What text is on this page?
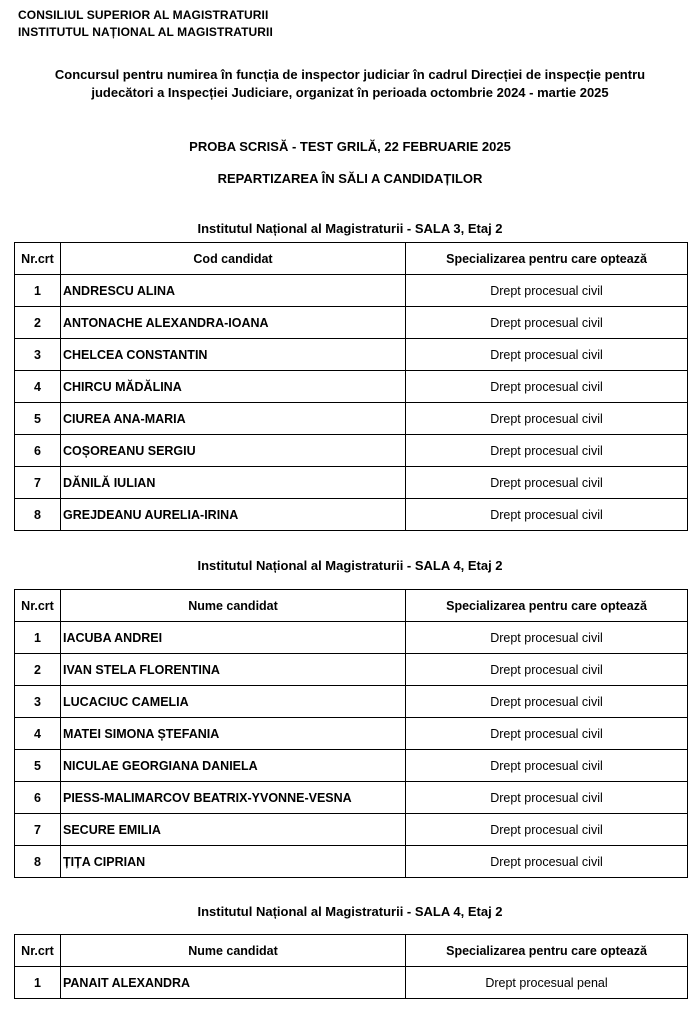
CONSILIUL SUPERIOR AL MAGISTRATURII
INSTITUTUL NAȚIONAL AL MAGISTRATURII
Concursul pentru numirea în funcția de inspector judiciar în cadrul Direcției de inspecție pentru
judecători a Inspecției Judiciare, organizat în perioada octombrie 2024 - martie 2025
PROBA SCRISĂ - TEST GRILĂ, 22 FEBRUARIE 2025
REPARTIZAREA ÎN SĂLI A CANDIDAȚILOR
Institutul Național al Magistraturii - SALA 3, Etaj 2
Nr.crt	Cod candidat	Specializarea pentru care optează
1	ANDRESCU ALINA	Drept procesual civil
2	ANTONACHE ALEXANDRA-IOANA	Drept procesual civil
3	CHELCEA CONSTANTIN	Drept procesual civil
4	CHIRCU MĂDĂLINA	Drept procesual civil
5	CIUREA ANA-MARIA	Drept procesual civil
6	COȘOREANU SERGIU	Drept procesual civil
7	DĂNILĂ IULIAN	Drept procesual civil
8	GREJDEANU AURELIA-IRINA	Drept procesual civil
Institutul Național al Magistraturii - SALA 4, Etaj 2
Nr.crt	Nume candidat	Specializarea pentru care optează
1	IACUBA ANDREI	Drept procesual civil
2	IVAN STELA FLORENTINA	Drept procesual civil
3	LUCACIUC CAMELIA	Drept procesual civil
4	MATEI SIMONA ȘTEFANIA	Drept procesual civil
5	NICULAE GEORGIANA DANIELA	Drept procesual civil
6	PIESS-MALIMARCOV BEATRIX-YVONNE-VESNA	Drept procesual civil
7	SECURE EMILIA	Drept procesual civil
8	ȚIȚA CIPRIAN	Drept procesual civil
Institutul Național al Magistraturii - SALA 4, Etaj 2
Nr.crt	Nume candidat	Specializarea pentru care optează
1	PANAIT ALEXANDRA	Drept procesual penal
